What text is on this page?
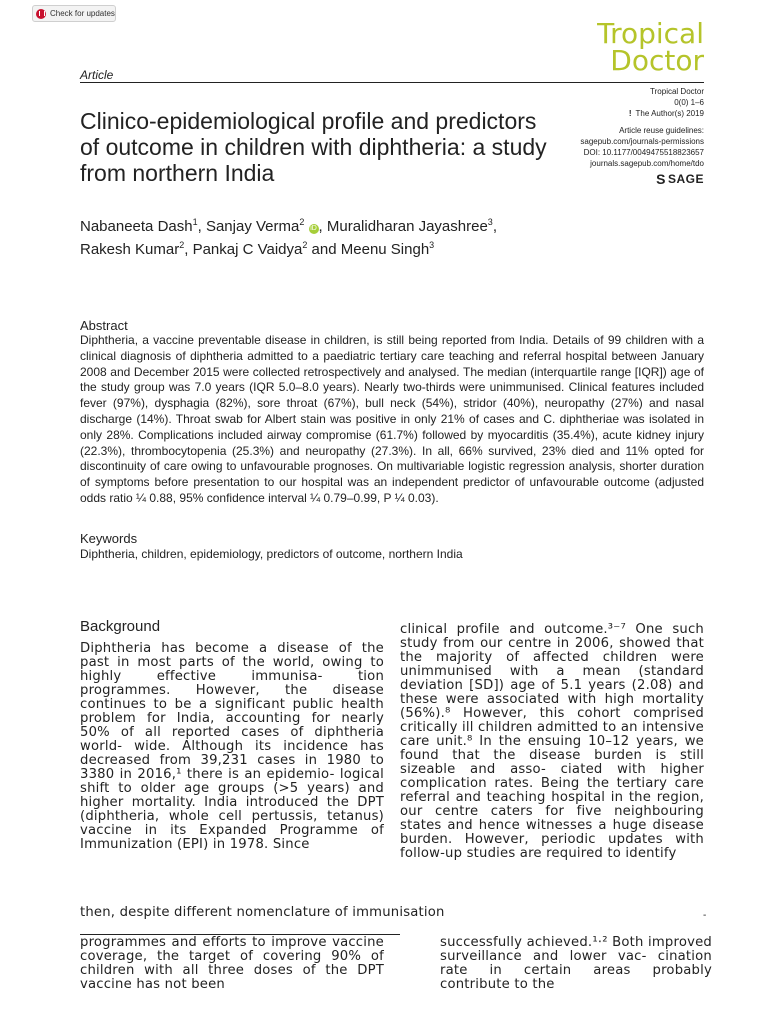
Check for updates
Tropical
Doctor
Article
Tropical Doctor
0(0) 1–6
! The Author(s) 2019
Article reuse guidelines:
sagepub.com/journals-permissions
DOI: 10.1177/0049475518823657
journals.sagepub.com/home/tdo
S SAGE
Clinico-epidemiological profile and predictors of outcome in children with diphtheria: a study from northern India
Nabaneeta Dash$^1$, Sanjay Verma$^2$ iD , Muralidharan Jayashree$^3$, Rakesh Kumar$^2$, Pankaj C Vaidya$^2$ and Meenu Singh$^3$
Abstract
Diphtheria, a vaccine preventable disease in children, is still being reported from India. Details of 99 children with a clinical diagnosis of diphtheria admitted to a paediatric tertiary care teaching and referral hospital between January 2008 and December 2015 were collected retrospectively and analysed. The median (interquartile range [IQR]) age of the study group was 7.0 years (IQR 5.0–8.0 years). Nearly two-thirds were unimmunised. Clinical features included fever (97%), dysphagia (82%), sore throat (67%), bull neck (54%), stridor (40%), neuropathy (27%) and nasal discharge (14%). Throat swab for Albert stain was positive in only 21% of cases and C. diphtheriae was isolated in only 28%. Complications included airway compromise (61.7%) followed by myocarditis (35.4%), acute kidney injury (22.3%), thrombocytopenia (25.3%) and neuropathy (27.3%). In all, 66% survived, 23% died and 11% opted for discontinuity of care owing to unfavourable prognoses. On multivariable logistic regression analysis, shorter duration of symptoms before presentation to our hospital was an independent predictor of unfavourable outcome (adjusted odds ratio ¼ 0.88, 95% confidence interval ¼ 0.79–0.99, P ¼ 0.03).
Keywords
Diphtheria, children, epidemiology, predictors of outcome, northern India
Background
Diphtheria has become a disease of the past in most parts of the world, owing to highly effective immunisa- tion programmes. However, the disease continues to be a significant public health problem for India, accounting for nearly 50% of all reported cases of diphtheria world- wide. Although its incidence has decreased from 39,231 cases in 1980 to 3380 in 2016,¹ there is an epidemio- logical shift to older age groups (>5 years) and higher mortality. India introduced the DPT (diphtheria, whole cell pertussis, tetanus) vaccine in its Expanded Programme of Immunization (EPI) in 1978. Since
clinical profile and outcome.³⁻⁷ One such study from our centre in 2006, showed that the majority of affected children were unimmunised with a mean (standard deviation [SD]) age of 5.1 years (2.08) and these were associated with high mortality (56%).⁸ However, this cohort comprised critically ill children admitted to an intensive care unit.⁸ In the ensuing 10–12 years, we found that the disease burden is still sizeable and asso- ciated with higher complication rates. Being the tertiary care referral and teaching hospital in the region, our centre caters for five neighbouring states and hence witnesses a huge disease burden. However, periodic updates with follow-up studies are required to identify
then, despite different nomenclature of immunisation	-
programmes and efforts to improve vaccine coverage, the target of covering 90% of children with all three doses of the DPT vaccine has not been
successfully achieved.¹⋅² Both improved surveillance and lower vac- cination rate in certain areas probably contribute to the
